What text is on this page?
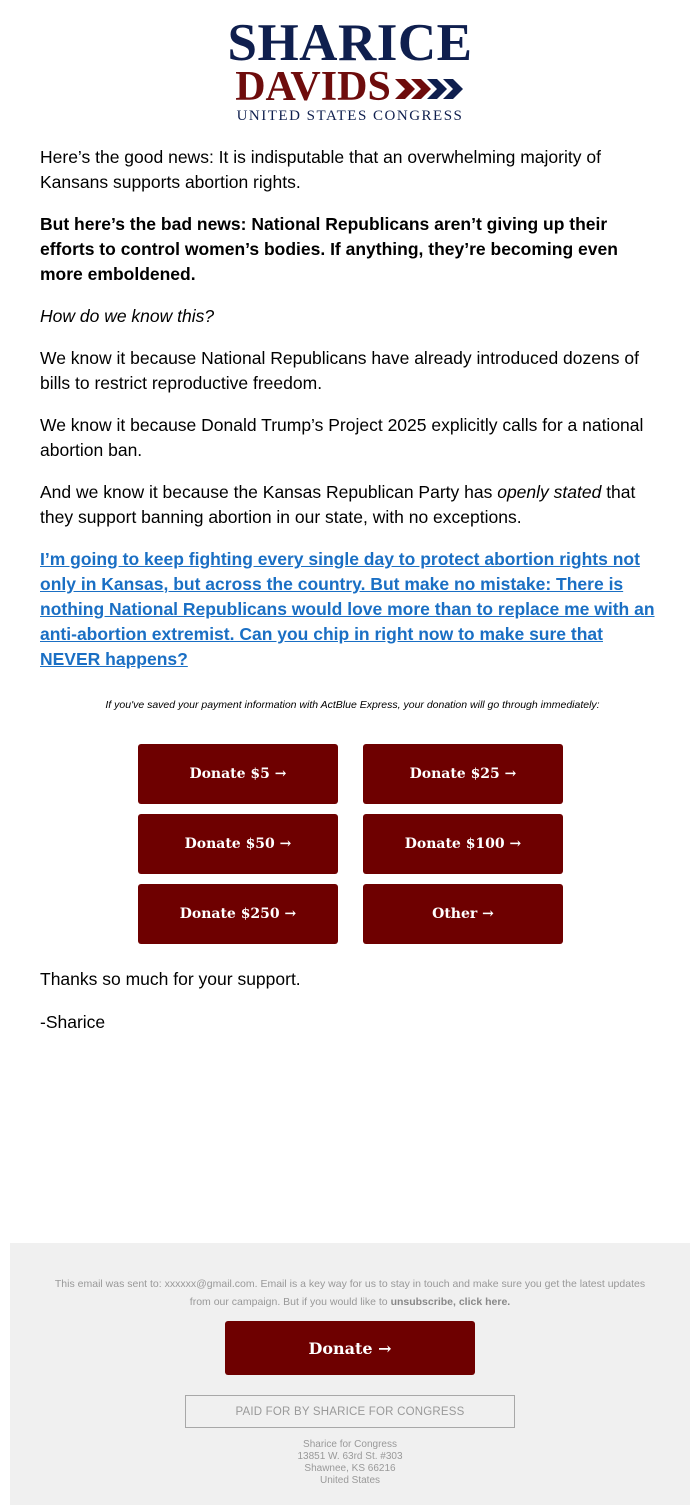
SHARICE
DAVIDS
UNITED STATES CONGRESS

Here’s the good news: It is indisputable that an overwhelming majority of Kansans supports abortion rights.

But here’s the bad news: National Republicans aren’t giving up their efforts to control women’s bodies. If anything, they’re becoming even more emboldened.

How do we know this?

We know it because National Republicans have already introduced dozens of bills to restrict reproductive freedom.

We know it because Donald Trump’s Project 2025 explicitly calls for a national abortion ban.

And we know it because the Kansas Republican Party has openly stated that they support banning abortion in our state, with no exceptions.

I’m going to keep fighting every single day to protect abortion rights not only in Kansas, but across the country. But make no mistake: There is nothing National Republicans would love more than to replace me with an anti-abortion extremist. Can you chip in right now to make sure that NEVER happens?

If you've saved your payment information with ActBlue Express, your donation will go through immediately:

Donate $5 →	Donate $25 →
Donate $50 →	Donate $100 →
Donate $250 →	Other →

Thanks so much for your support.

-Sharice

This email was sent to: xxxxxx@gmail.com. Email is a key way for us to stay in touch and make sure you get the latest updates from our campaign. But if you would like to unsubscribe, click here.
Donate →
PAID FOR BY SHARICE FOR CONGRESS
Sharice for Congress
13851 W. 63rd St. #303
Shawnee, KS 66216
United States
